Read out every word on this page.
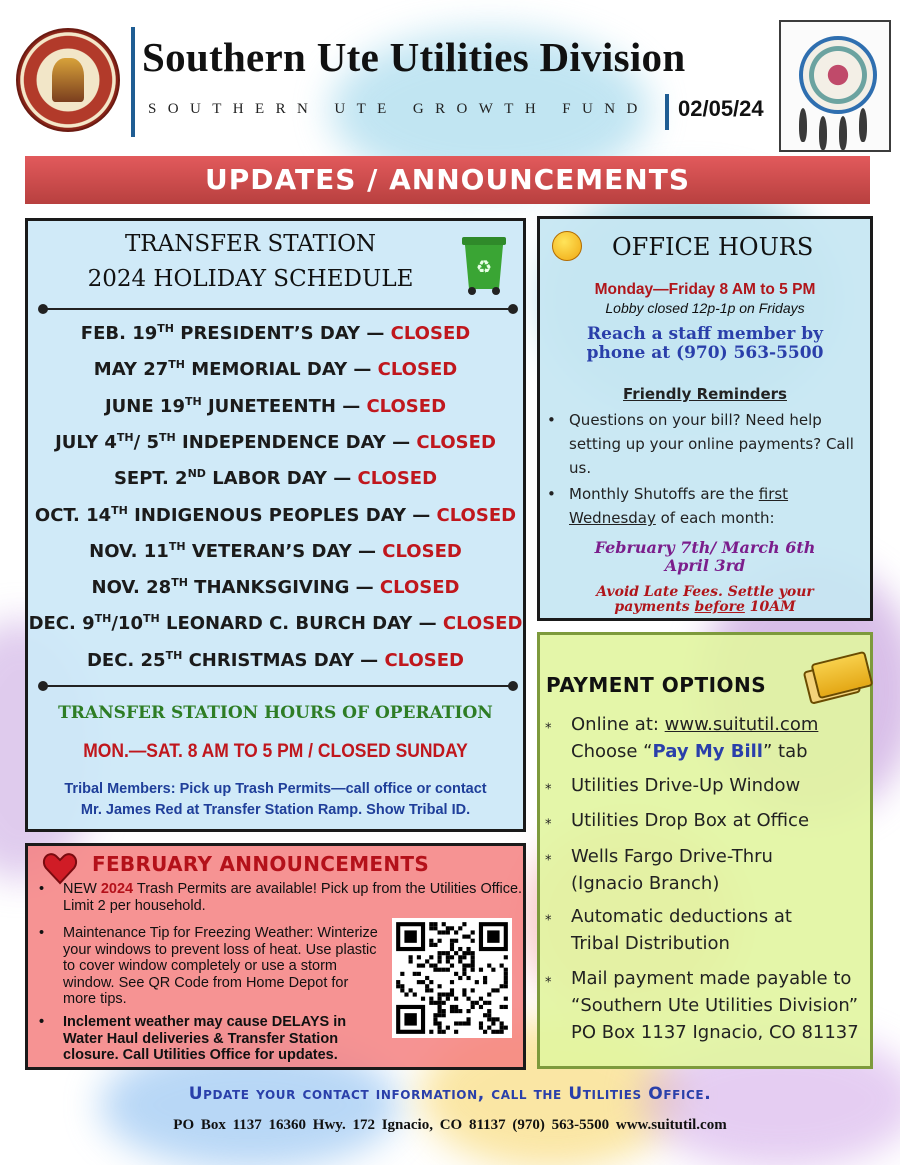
Southern Ute Utilities Division
SOUTHERN UTE GROWTH FUND 02/05/24
UPDATES / ANNOUNCEMENTS
TRANSFER STATION
2024 HOLIDAY SCHEDULE	♻
FEB. 19TH PRESIDENT’S DAY — CLOSED
MAY 27TH MEMORIAL DAY — CLOSED
JUNE 19TH JUNETEENTH — CLOSED
JULY 4TH/ 5TH INDEPENDENCE DAY — CLOSED
SEPT. 2ND LABOR DAY — CLOSED
OCT. 14TH INDIGENOUS PEOPLES DAY — CLOSED
NOV. 11TH VETERAN’S DAY — CLOSED
NOV. 28TH THANKSGIVING — CLOSED
DEC. 9TH/10TH LEONARD C. BURCH DAY — CLOSED
DEC. 25TH CHRISTMAS DAY — CLOSED
TRANSFER STATION HOURS OF OPERATION
MON.—SAT. 8 AM TO 5 PM / CLOSED SUNDAY
Tribal Members: Pick up Trash Permits—call office or contact
Mr. James Red at Transfer Station Ramp. Show Tribal ID.
OFFICE HOURS
Monday—Friday 8 AM to 5 PM
Lobby closed 12p-1p on Fridays
Reach a staff member by
phone at (970) 563-5500
Friendly Reminders
• Questions on your bill? Need help setting up your online payments? Call us.
• Monthly Shutoffs are the first Wednesday of each month:
February 7th/ March 6th
April 3rd
Avoid Late Fees. Settle your
payments before 10AM
PAYMENT OPTIONS
⁎ Online at: www.suitutil.com
Choose “Pay My Bill” tab
⁎ Utilities Drive-Up Window
⁎ Utilities Drop Box at Office
⁎ Wells Fargo Drive-Thru (Ignacio Branch)
⁎ Automatic deductions at Tribal Distribution
⁎ Mail payment made payable to “Southern Ute Utilities Division” PO Box 1137 Ignacio, CO 81137
FEBRUARY ANNOUNCEMENTS
• NEW 2024 Trash Permits are available! Pick up from the Utilities Office. Limit 2 per household.
• Maintenance Tip for Freezing Weather: Winterize your windows to prevent loss of heat. Use plastic to cover window completely or use a storm window. See QR Code from Home Depot for more tips.
• Inclement weather may cause DELAYS in Water Haul deliveries & Transfer Station closure. Call Utilities Office for updates.
Update your contact information, call the Utilities Office.
PO Box 1137 16360 Hwy. 172 Ignacio, CO 81137 (970) 563-5500 www.suitutil.com
